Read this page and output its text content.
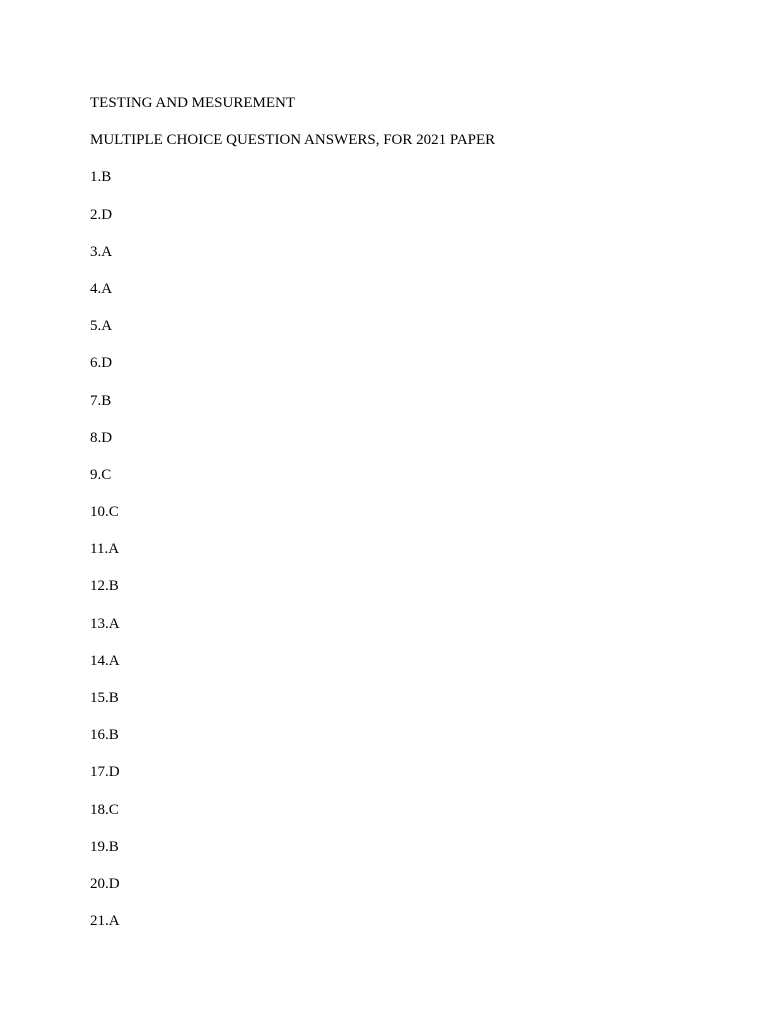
TESTING AND MESUREMENT
MULTIPLE CHOICE QUESTION ANSWERS, FOR 2021 PAPER
1.B
2.D
3.A
4.A
5.A
6.D
7.B
8.D
9.C
10.C
11.A
12.B
13.A
14.A
15.B
16.B
17.D
18.C
19.B
20.D
21.A
